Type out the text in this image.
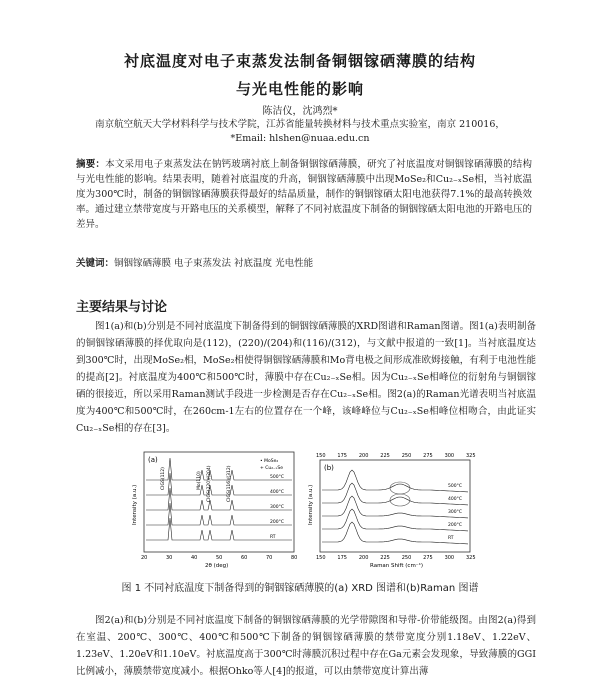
衬底温度对电子束蒸发法制备铜铟镓硒薄膜的结构
与光电性能的影响
陈洁仪，沈鸿烈*
南京航空航天大学材料科学与技术学院，江苏省能量转换材料与技术重点实验室，南京 210016，
*Email: hlshen@nuaa.edu.cn
摘要：本文采用电子束蒸发法在钠钙玻璃衬底上制备铜铟镓硒薄膜，研究了衬底温度对铜铟镓硒薄膜的结构与光电性能的影响。结果表明，随着衬底温度的升高，铜铟镓硒薄膜中出现MoSe₂和Cu₂₋ₓSe相，当衬底温度为300℃时，制备的铜铟镓硒薄膜获得最好的结晶质量，制作的铜铟镓硒太阳电池获得7.1%的最高转换效率。通过建立禁带宽度与开路电压的关系模型，解释了不同衬底温度下制备的铜铟镓硒太阳电池的开路电压的差异。
关键词：铜铟镓硒薄膜 电子束蒸发法 衬底温度 光电性能
主要结果与讨论
图1(a)和(b)分别是不同衬底温度下制备得到的铜铟镓硒薄膜的XRD图谱和Raman图谱。图1(a)表明制备的铜铟镓硒薄膜的择优取向是(112)，(220)/(204)和(116)/(312)，与文献中报道的一致[1]。当衬底温度达到300℃时，出现MoSe₂相，MoSe₂相使得铜铟镓硒薄膜和Mo背电极之间形成准欧姆接触，有利于电池性能的提高[2]。衬底温度为400℃和500℃时，薄膜中存在Cu₂₋ₓSe相。因为Cu₂₋ₓSe相峰位的衍射角与铜铟镓硒的很接近，所以采用Raman测试手段进一步检测是否存在Cu₂₋ₓSe相。图2(a)的Raman光谱表明当衬底温度为400℃和500℃时，在260cm-1左右的位置存在一个峰，该峰峰位与Cu₂₋ₓSe相峰位相吻合，由此证实Cu₂₋ₓSe相的存在[3]。
(a)
Intensity (a.u.)
2θ (deg)
20	30	40	50	60	70	80
500°C
400°C
300°C
200°C
RT
CIGS(112)	Mo(110) CIGS(220)/(204)	CIGS(116)/(312)
• MoSe₂
+ Cu₂₋ₓSe	(b)
Intensity (a.u.)
Raman Shift (cm⁻¹)
150 175 200 225 250 275 300 325
150 175 200 225 250 275 300 325
500°C
400°C
300°C
200°C
RT
图 1 不同衬底温度下制备得到的铜铟镓硒薄膜的(a) XRD 图谱和(b)Raman 图谱
图2(a)和(b)分别是不同衬底温度下制备的铜铟镓硒薄膜的光学带隙图和导带-价带能级图。由图2(a)得到在室温、200℃、300℃、400℃和500℃下制备的铜铟镓硒薄膜的禁带宽度分别1.18eV、1.22eV、1.23eV、1.20eV和1.10eV。衬底温度高于300℃时薄膜沉积过程中存在Ga元素会发现象，导致薄膜的GGI比例减小，薄膜禁带宽度减小。根据Ohko等人[4]的报道，可以由禁带宽度计算出薄
